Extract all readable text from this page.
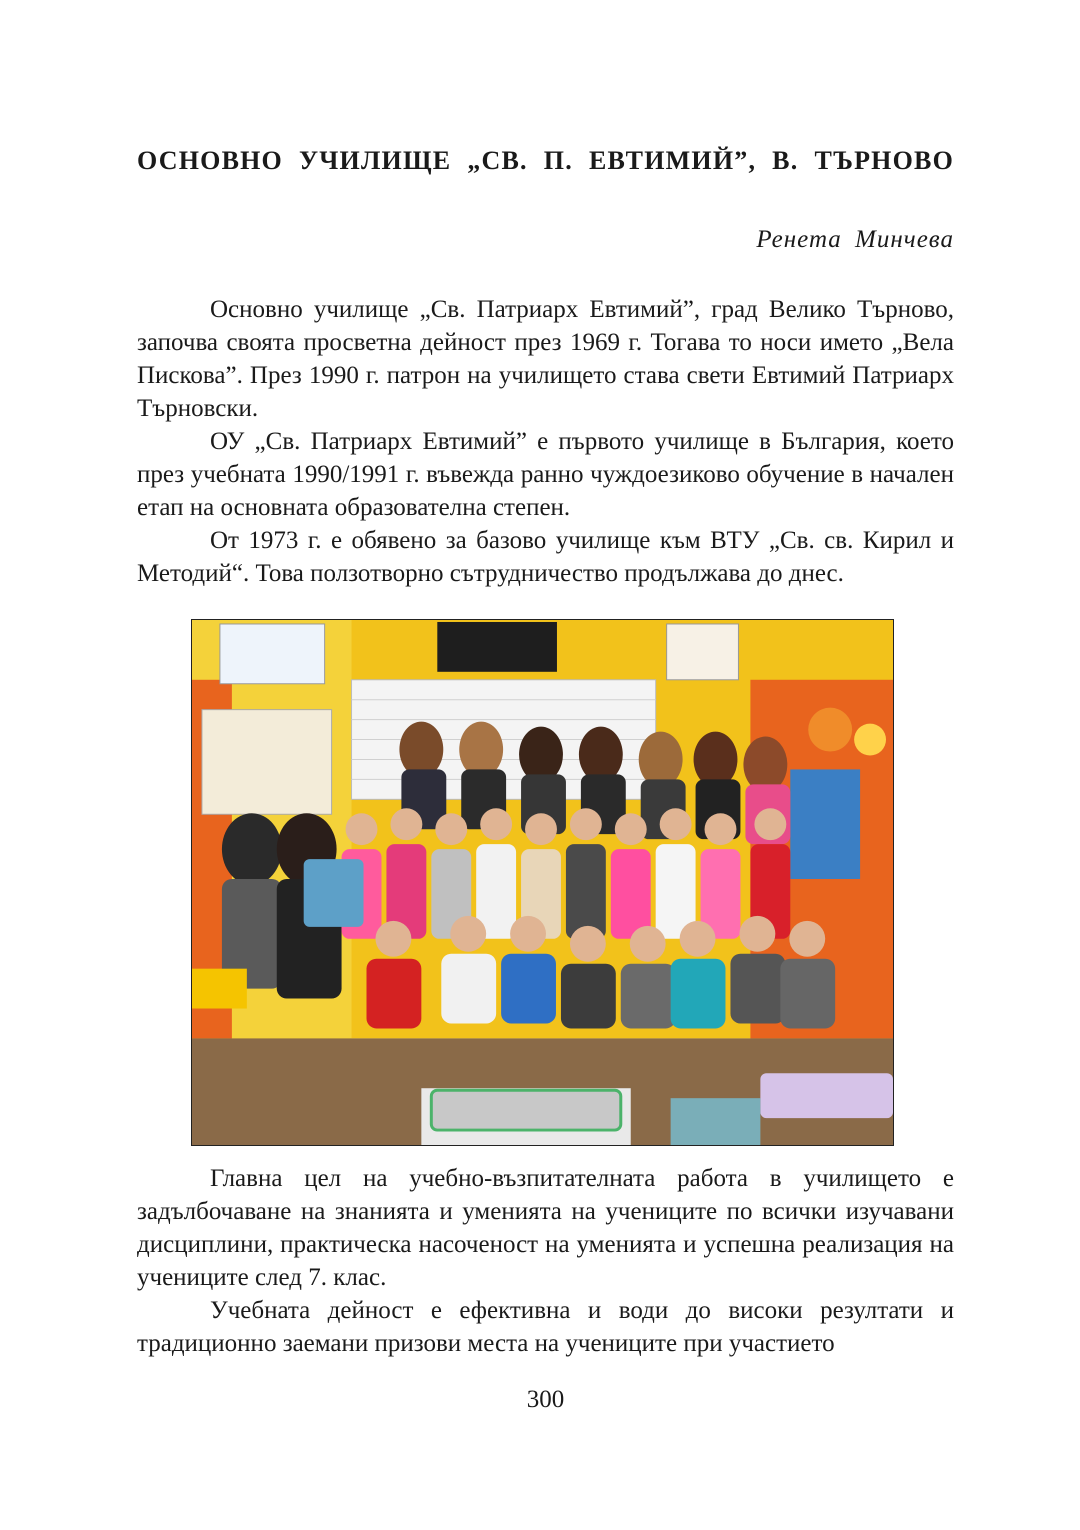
ОСНОВНО УЧИЛИЩЕ „СВ. П. ЕВТИМИЙ”, В. ТЪРНОВО
Ренета Минчева

Основно училище „Св. Патриарх Евтимий”, град Велико Търново, започва своята просветна дейност през 1969 г. Тогава то носи името „Вела Пискова”. През 1990 г. патрон на училището става свети Евтимий Патриарх Търновски.

ОУ „Св. Патриарх Евтимий” е първото училище в България, което през учебната 1990/1991 г. въвежда ранно чуждоезиково обучение в начален етап на основната образователна степен.

От 1973 г. е обявено за базово училище към ВТУ „Св. св. Кирил и Методий“. Това ползотворно сътрудничество продължава до днес.

Главна цел на учебно-възпитателната работа в училището е задълбочаване на знанията и уменията на учениците по всички изучавани дисциплини, практическа насоченост на уменията и успешна реализация на учениците след 7. клас.

Учебната дейност е ефективна и води до високи резултати и традиционно заемани призови места на учениците при участието

300
